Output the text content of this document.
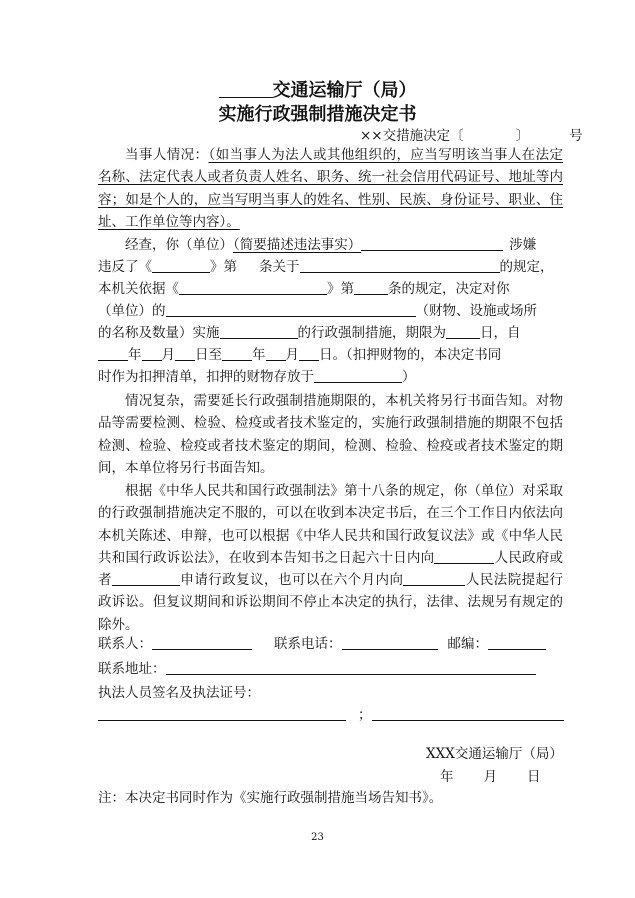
交通运输厅（局）
实施行政强制措施决定书
××交措施决定〔	〕	号
当事人情况：（如当事人为法人或其他组织的，应当写明该当事人在法定名称、法定代表人或者负责人姓名、职务、统一社会信用代码证号、地址等内容；如是个人的，应当写明当事人的姓名、性别、民族、身份证号、职业、住址、工作单位等内容）。
经查，你（单位）（简要描述违法事实）	涉嫌
违反了《	》第 条关于	的规定，
本机关依据《	》第	条的规定，决定对你
（单位）的	（财物、设施或场所
的名称及数量）实施	的行政强制措施，期限为	日，自
年 月 日至 年 月 日。（扣押财物的，本决定书同
时作为扣押清单，扣押的财物存放于	）
情况复杂，需要延长行政强制措施期限的，本机关将另行书面告知。对物品等需要检测、检验、检疫或者技术鉴定的，实施行政强制措施的期限不包括检测、检验、检疫或者技术鉴定的期间，检测、检验、检疫或者技术鉴定的期间，本单位将另行书面告知。
根据《中华人民共和国行政强制法》第十八条的规定，你（单位）对采取的行政强制措施决定不服的，可以在收到本决定书后，在三个工作日内依法向本机关陈述、申辩，也可以根据《中华人民共和国行政复议法》或《中华人民共和国行政诉讼法》，在收到本告知书之日起六十日内向	人民政府或者	申请行政复议，也可以在六个月内向	人民法院提起行政诉讼。但复议期间和诉讼期间不停止本决定的执行，法律、法规另有规定的除外。
联系人：	联系电话：	邮编：
联系地址：
执法人员签名及执法证号：
；
XXX交通运输厅（局）
年 月 日
注：本决定书同时作为《实施行政强制措施当场告知书》。
23
